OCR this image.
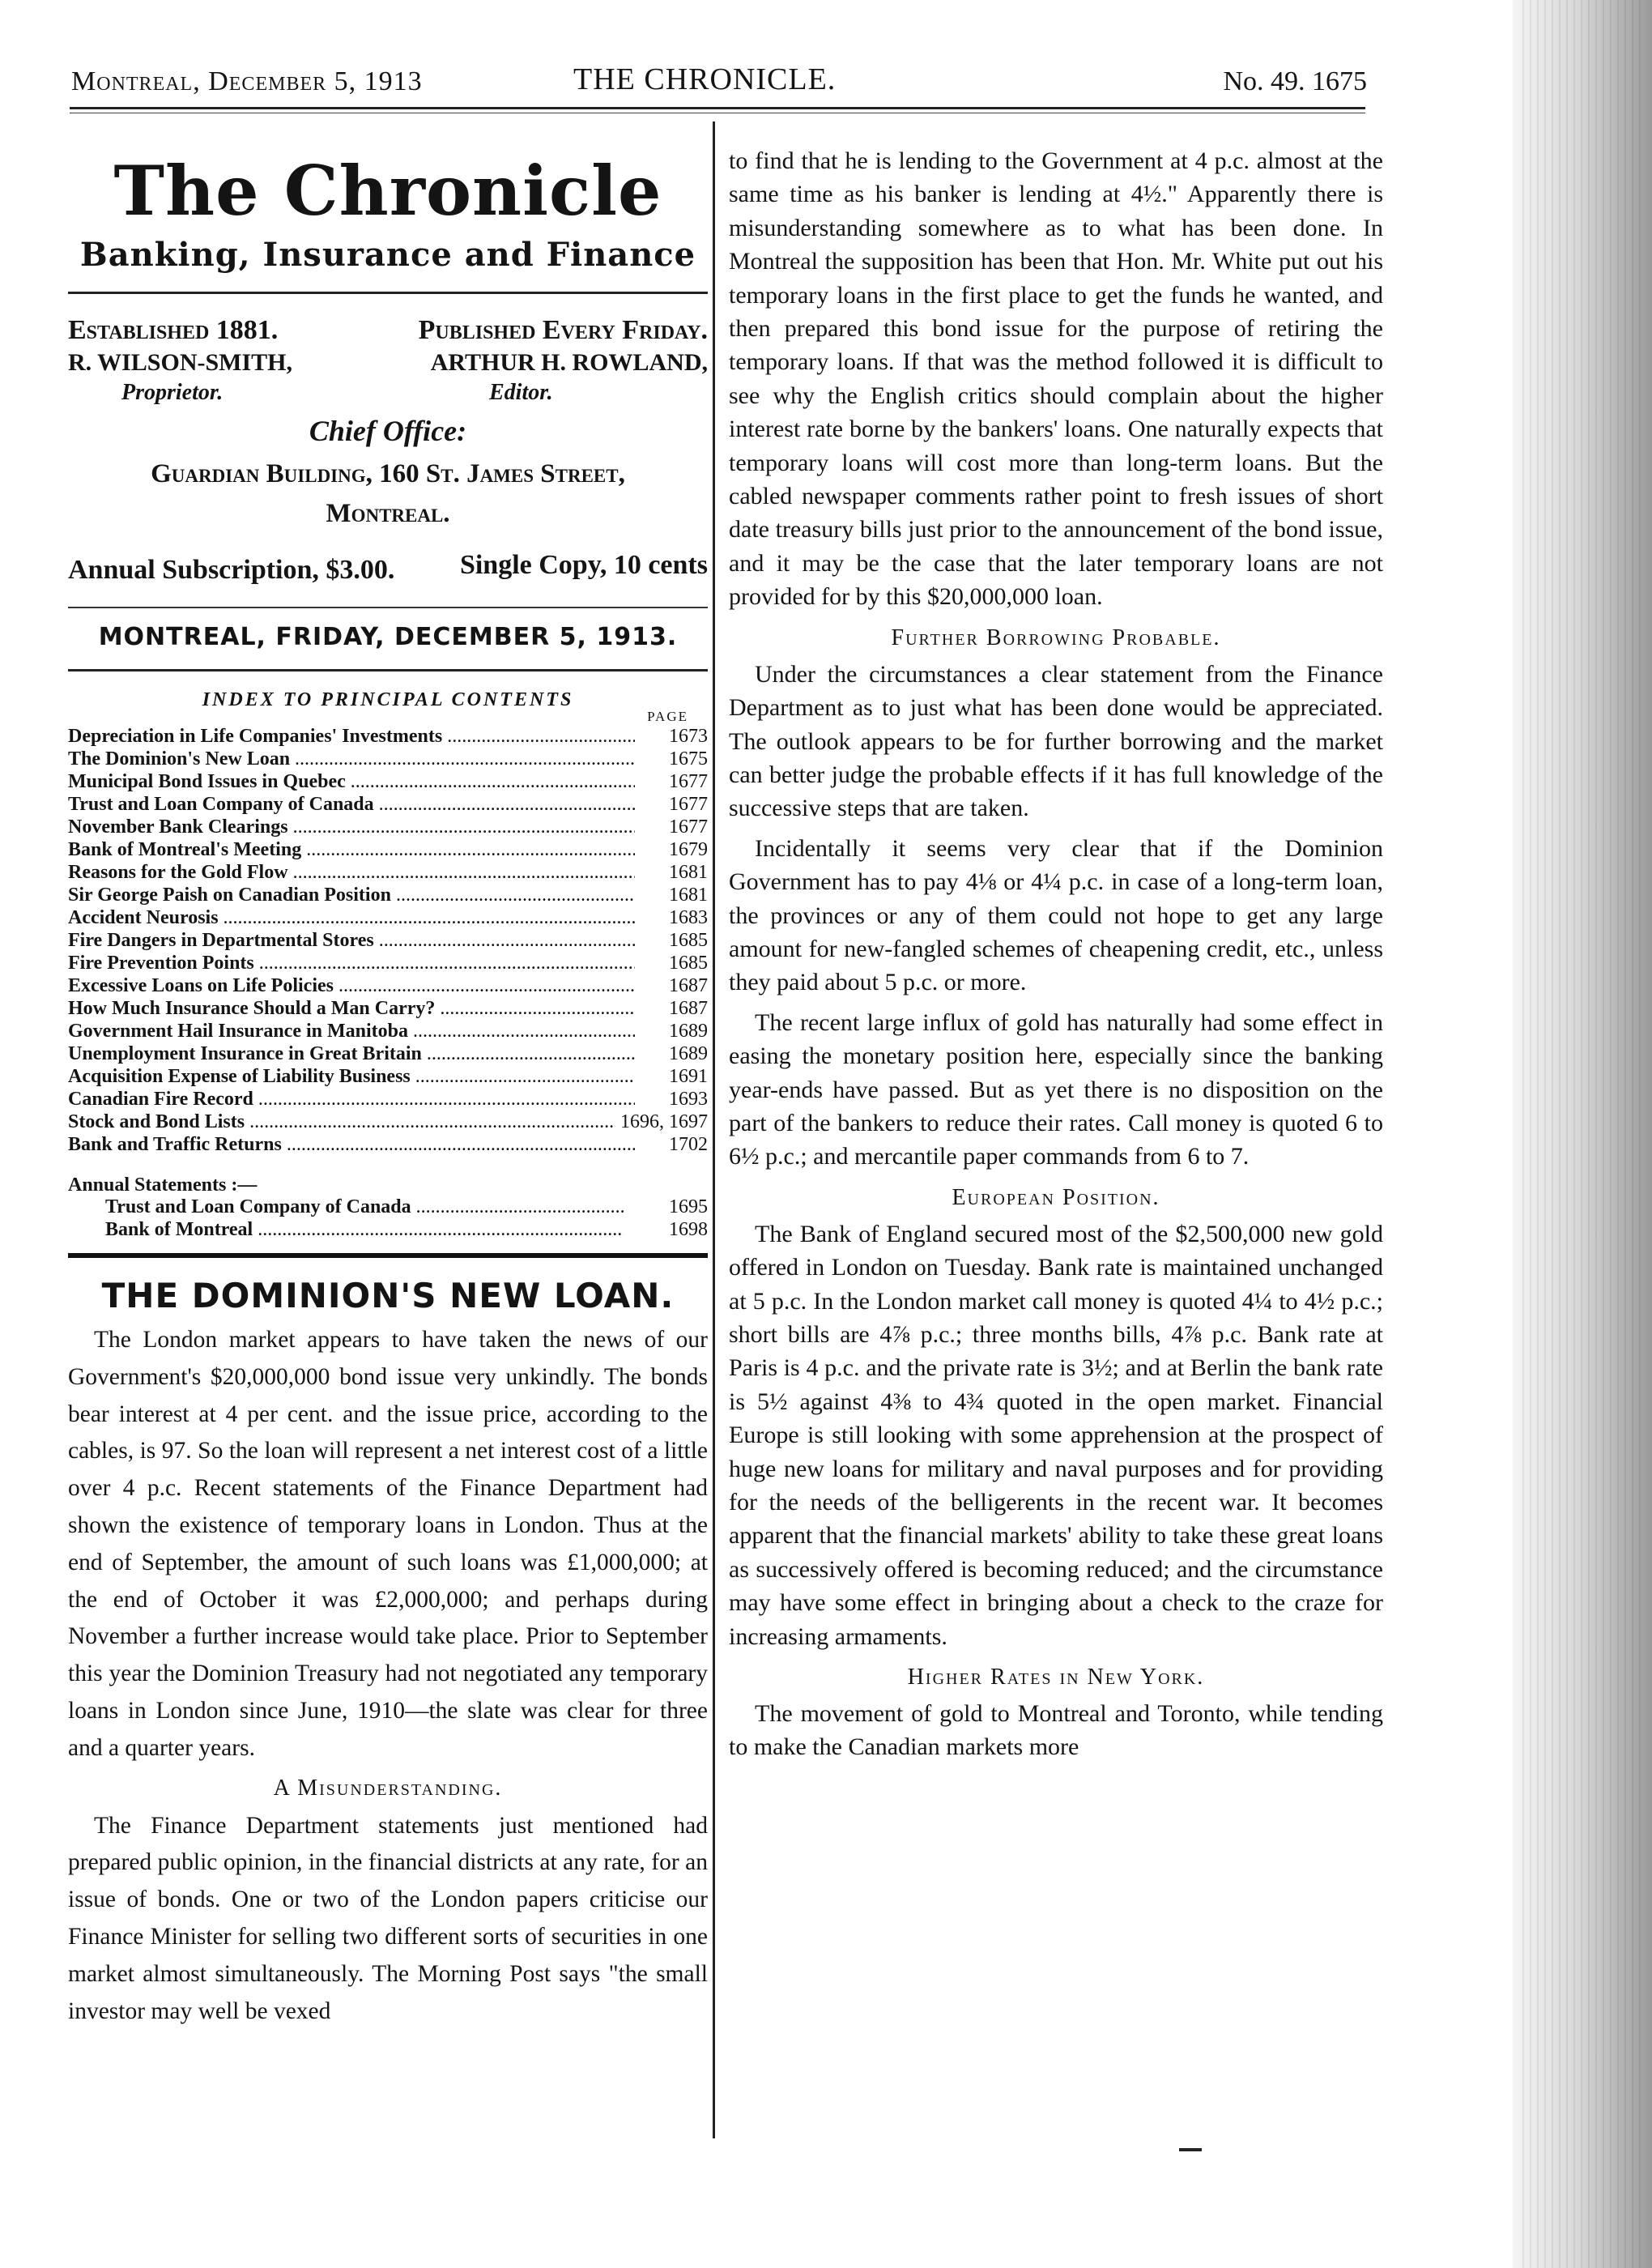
Montreal, December 5, 1913	THE CHRONICLE.	No. 49. 1675
The Chronicle
Banking, Insurance and Finance
Established 1881.
R. WILSON-SMITH,
Proprietor.
Published Every Friday.
ARTHUR H. ROWLAND,
Editor.
Chief Office:
Guardian Building, 160 St. James Street,
Montreal.
Annual Subscription, $3.00. Single Copy, 10 cents
MONTREAL, FRIDAY, DECEMBER 5, 1913.
INDEX TO PRINCIPAL CONTENTS
PAGE
Depreciation in Life Companies' Investments .....	1673
The Dominion's New Loan .....	1675
Municipal Bond Issues in Quebec .....	1677
Trust and Loan Company of Canada .....	1677
November Bank Clearings .....	1677
Bank of Montreal's Meeting .....	1679
Reasons for the Gold Flow .....	1681
Sir George Paish on Canadian Position .....	1681
Accident Neurosis .....	1683
Fire Dangers in Departmental Stores .....	1685
Fire Prevention Points .....	1685
Excessive Loans on Life Policies .....	1687
How Much Insurance Should a Man Carry? .....	1687
Government Hail Insurance in Manitoba .....	1689
Unemployment Insurance in Great Britain .....	1689
Acquisition Expense of Liability Business .....	1691
Canadian Fire Record .....	1693
Stock and Bond Lists .....	1696, 1697
Bank and Traffic Returns .....	1702
Annual Statements :—
Trust and Loan Company of Canada .....	1695
Bank of Montreal .....	1698
THE DOMINION'S NEW LOAN.

The London market appears to have taken the news of our Government's $20,000,000 bond issue very unkindly. The bonds bear interest at 4 per cent. and the issue price, according to the cables, is 97. So the loan will represent a net interest cost of a little over 4 p.c. Recent statements of the Finance Department had shown the existence of temporary loans in London. Thus at the end of September, the amount of such loans was £1,000,000; at the end of October it was £2,000,000; and perhaps during November a further increase would take place. Prior to September this year the Dominion Treasury had not negotiated any temporary loans in London since June, 1910—the slate was clear for three and a quarter years.

A Misunderstanding.

The Finance Department statements just mentioned had prepared public opinion, in the financial districts at any rate, for an issue of bonds. One or two of the London papers criticise our Finance Minister for selling two different sorts of securities in one market almost simultaneously. The Morning Post says "the small investor may well be vexed

to find that he is lending to the Government at 4 p.c. almost at the same time as his banker is lending at 4½." Apparently there is misunderstanding somewhere as to what has been done. In Montreal the supposition has been that Hon. Mr. White put out his temporary loans in the first place to get the funds he wanted, and then prepared this bond issue for the purpose of retiring the temporary loans. If that was the method followed it is difficult to see why the English critics should complain about the higher interest rate borne by the bankers' loans. One naturally expects that temporary loans will cost more than long-term loans. But the cabled newspaper comments rather point to fresh issues of short date treasury bills just prior to the announcement of the bond issue, and it may be the case that the later temporary loans are not provided for by this $20,000,000 loan.

Further Borrowing Probable.

Under the circumstances a clear statement from the Finance Department as to just what has been done would be appreciated. The outlook appears to be for further borrowing and the market can better judge the probable effects if it has full knowledge of the successive steps that are taken.

Incidentally it seems very clear that if the Dominion Government has to pay 4⅛ or 4¼ p.c. in case of a long-term loan, the provinces or any of them could not hope to get any large amount for new-fangled schemes of cheapening credit, etc., unless they paid about 5 p.c. or more.

The recent large influx of gold has naturally had some effect in easing the monetary position here, especially since the banking year-ends have passed. But as yet there is no disposition on the part of the bankers to reduce their rates. Call money is quoted 6 to 6½ p.c.; and mercantile paper commands from 6 to 7.

European Position.

The Bank of England secured most of the $2,500,000 new gold offered in London on Tuesday. Bank rate is maintained unchanged at 5 p.c. In the London market call money is quoted 4¼ to 4½ p.c.; short bills are 4⅞ p.c.; three months bills, 4⅞ p.c. Bank rate at Paris is 4 p.c. and the private rate is 3½; and at Berlin the bank rate is 5½ against 4⅜ to 4¾ quoted in the open market. Financial Europe is still looking with some apprehension at the prospect of huge new loans for military and naval purposes and for providing for the needs of the belligerents in the recent war. It becomes apparent that the financial markets' ability to take these great loans as successively offered is becoming reduced; and the circumstance may have some effect in bringing about a check to the craze for increasing armaments.

Higher Rates in New York.

The movement of gold to Montreal and Toronto, while tending to make the Canadian markets more
